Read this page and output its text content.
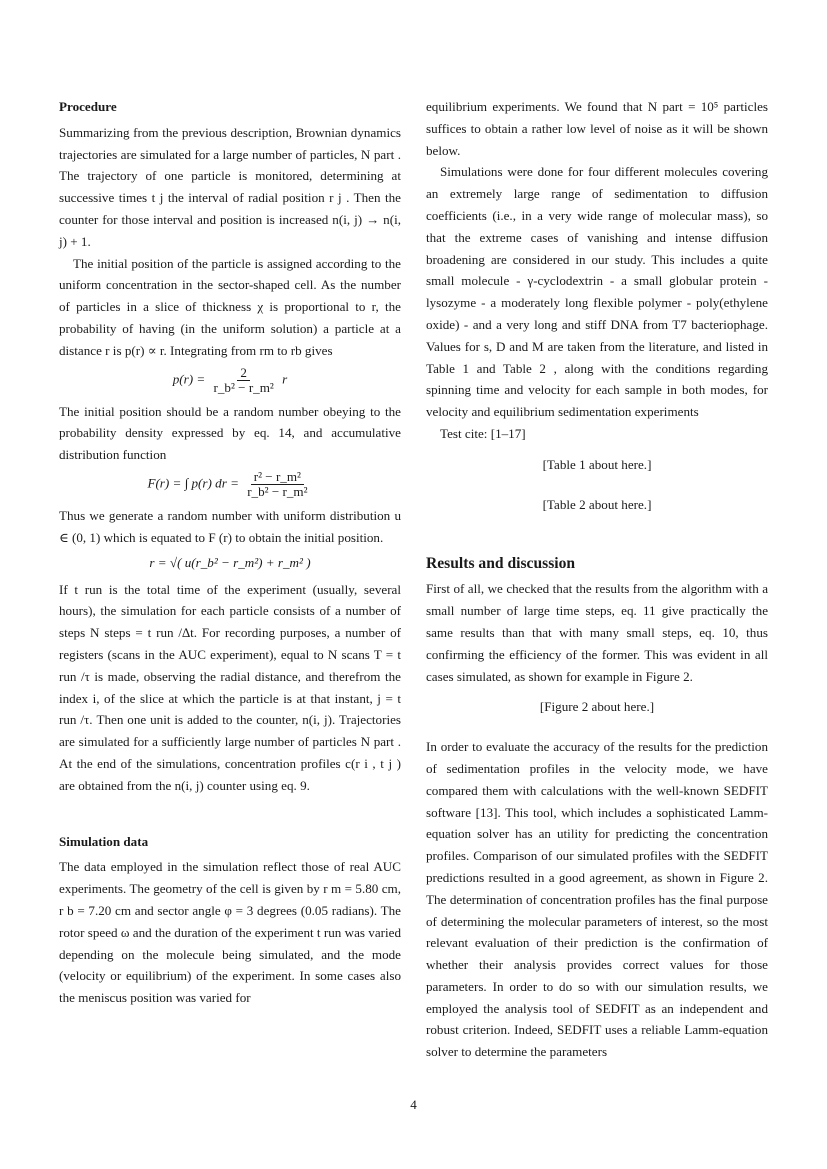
Procedure

Summarizing from the previous description, Brownian dynamics trajectories are simulated for a large number of particles, N part . The trajectory of one particle is monitored, determining at successive times t j the interval of radial position r j . Then the counter for those interval and position is increased n(i, j) → n(i, j) + 1.

The initial position of the particle is assigned according to the uniform concentration in the sector-shaped cell. As the number of particles in a slice of thickness χ is proportional to r, the probability of having (in the uniform solution) a particle at a distance r is p(r) ∝ r. Integrating from rm to rb gives

$p(r) = \frac{2}{\text{r\_b² − r\_m²}}$ r

The initial position should be a random number obeying to the probability density expressed by eq. 14, and accumulative distribution function

F(r) = ∫ p(r) dr = $\frac{\text{r² − r\_m²}}{\text{r\_b² − r\_m²}}$

Thus we generate a random number with uniform distribution u ∈ (0, 1) which is equated to F (r) to obtain the initial position.

r = √( u(r_b² − r_m²) + r_m² )

If t run is the total time of the experiment (usually, several hours), the simulation for each particle consists of a number of steps N steps = t run /∆t. For recording purposes, a number of registers (scans in the AUC experiment), equal to N scans T = t run /τ is made, observing the radial distance, and therefrom the index i, of the slice at which the particle is at that instant, j = t run /τ. Then one unit is added to the counter, n(i, j). Trajectories are simulated for a sufficiently large number of particles N part . At the end of the simulations, concentration profiles c(r i , t j ) are obtained from the n(i, j) counter using eq. 9.

Simulation data

The data employed in the simulation reflect those of real AUC experiments. The geometry of the cell is given by r m = 5.80 cm, r b = 7.20 cm and sector angle φ = 3 degrees (0.05 radians). The rotor speed ω and the duration of the experiment t run was varied depending on the molecule being simulated, and the mode (velocity or equilibrium) of the experiment. In some cases also the meniscus position was varied for

equilibrium experiments. We found that N part = 10⁵ particles suffices to obtain a rather low level of noise as it will be shown below.

Simulations were done for four different molecules covering an extremely large range of sedimentation to diffusion coefficients (i.e., in a very wide range of molecular mass), so that the extreme cases of vanishing and intense diffusion broadening are considered in our study. This includes a quite small molecule - γ-cyclodextrin - a small globular protein - lysozyme - a moderately long flexible polymer - poly(ethylene oxide) - and a very long and stiff DNA from T7 bacteriophage. Values for s, D and M are taken from the literature, and listed in Table 1 and Table 2 , along with the conditions regarding spinning time and velocity for each sample in both modes, for velocity and equilibrium sedimentation experiments

Test cite: [1–17]

[Table 1 about here.]
[Table 2 about here.]
Results and discussion

First of all, we checked that the results from the algorithm with a small number of large time steps, eq. 11 give practically the same results than that with many small steps, eq. 10, thus confirming the efficiency of the former. This was evident in all cases simulated, as shown for example in Figure 2.

[Figure 2 about here.]

In order to evaluate the accuracy of the results for the prediction of sedimentation profiles in the velocity mode, we have compared them with calculations with the well-known SEDFIT software [13]. This tool, which includes a sophisticated Lamm-equation solver has an utility for predicting the concentration profiles. Comparison of our simulated profiles with the SEDFIT predictions resulted in a good agreement, as shown in Figure 2. The determination of concentration profiles has the final purpose of determining the molecular parameters of interest, so the most relevant evaluation of their prediction is the confirmation of whether their analysis provides correct values for those parameters. In order to do so with our simulation results, we employed the analysis tool of SEDFIT as an independent and robust criterion. Indeed, SEDFIT uses a reliable Lamm-equation solver to determine the parameters

4
